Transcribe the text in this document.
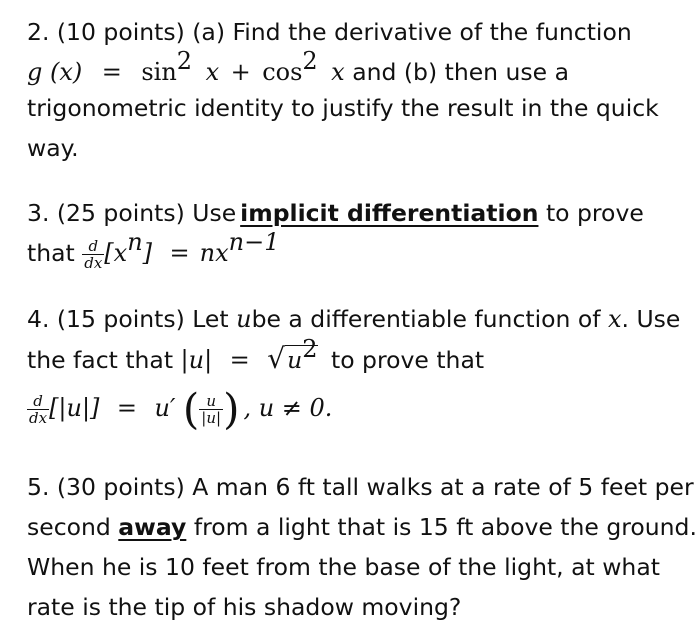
2. (10 points) (a) Find the derivative of the function
g $(x) = \sin^2 x + \cos^2 x$ and (b) then use a
trigonometric identity to justify the result in the quick
way.
3. (25 points) Use implicit differentiation to prove
that $\frac{d}{dx} [x^n] = nx^{n-1}$
4. (15 points) Let ube a differentiable function of x. Use
the fact that $|u| = √u^2$ to prove that
$\frac{d}{dx} [|u|] = u'$ ( $\frac{u}{|u|}$ ) , u ≠ 0.
5. (30 points) A man 6 ft tall walks at a rate of 5 feet per
second away from a light that is 15 ft above the ground.
When he is 10 feet from the base of the light, at what
rate is the tip of his shadow moving?
